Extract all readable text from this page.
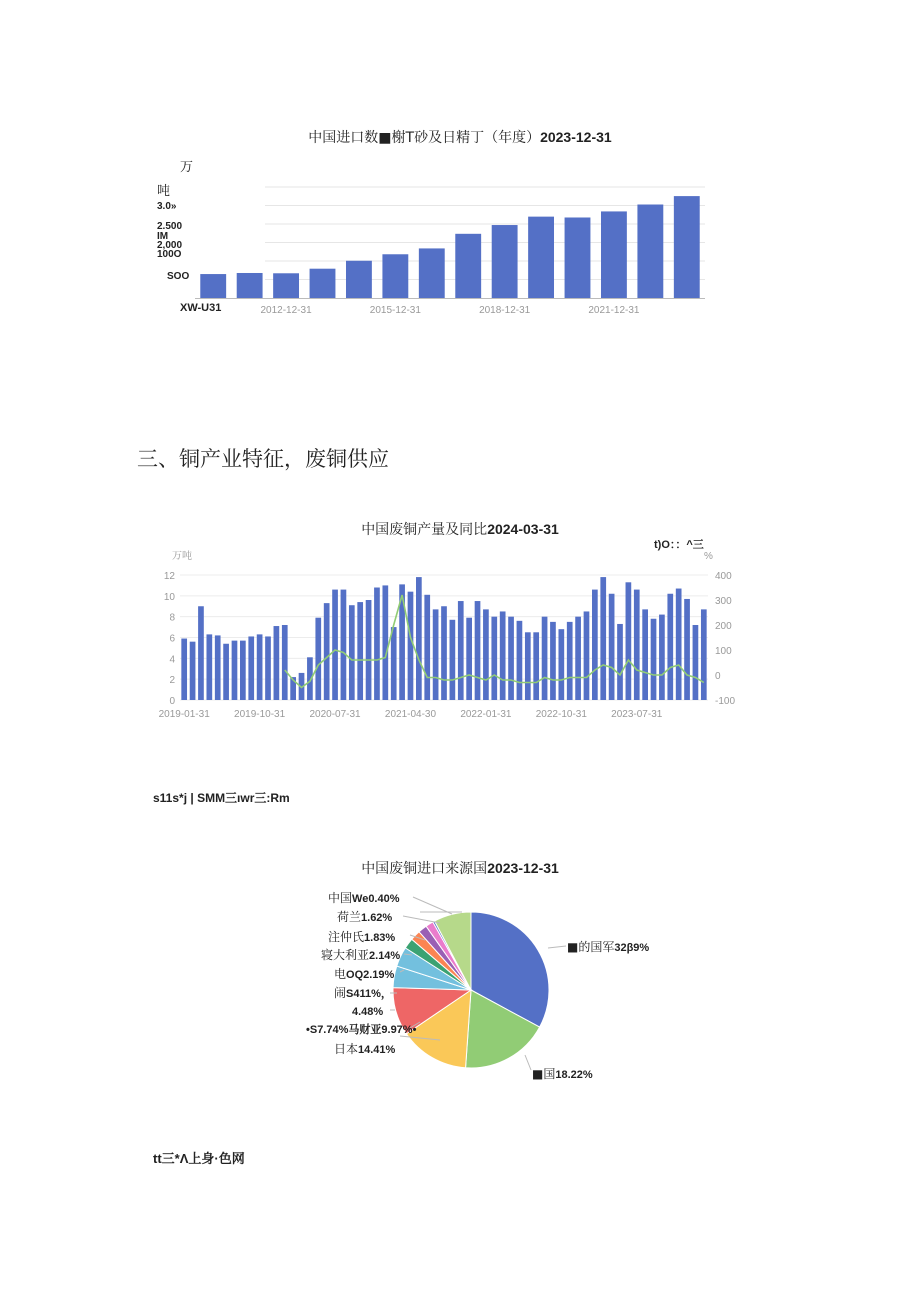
中国进口数■榭T砂及日精丁（年度）2023-12-31
万
吨
3.0»
2.500
IM
2,000
100O
SOO
XW-U31	2012-12-31	2015-12-31	2018-12-31	2021-12-31
三、铜产业特征，废铜供应
中国废铜产量及同比2024-03-31
t)O：：^三
万吨	%
0
2
4
6
8
10
12
-100
0
100
200
300
400
2019-01-31 2019-10-31 2020-07-31 2021-04-30 2022-01-31 2022-10-31 2023-07-31
s11s*j | SMM三ıwr三:Rm
中国废铜进口来源国2023-12-31
中国We0.40%
荷兰1.62%
注仲氏1.83%
寝大利亚2.14%
电OQ2.19%
闹S411%，
4.48%
•S7.74%马财亚9.97%•
日本14.41%
■的国军32β9%
■国18.22%
tt三*Λ上身·色网
